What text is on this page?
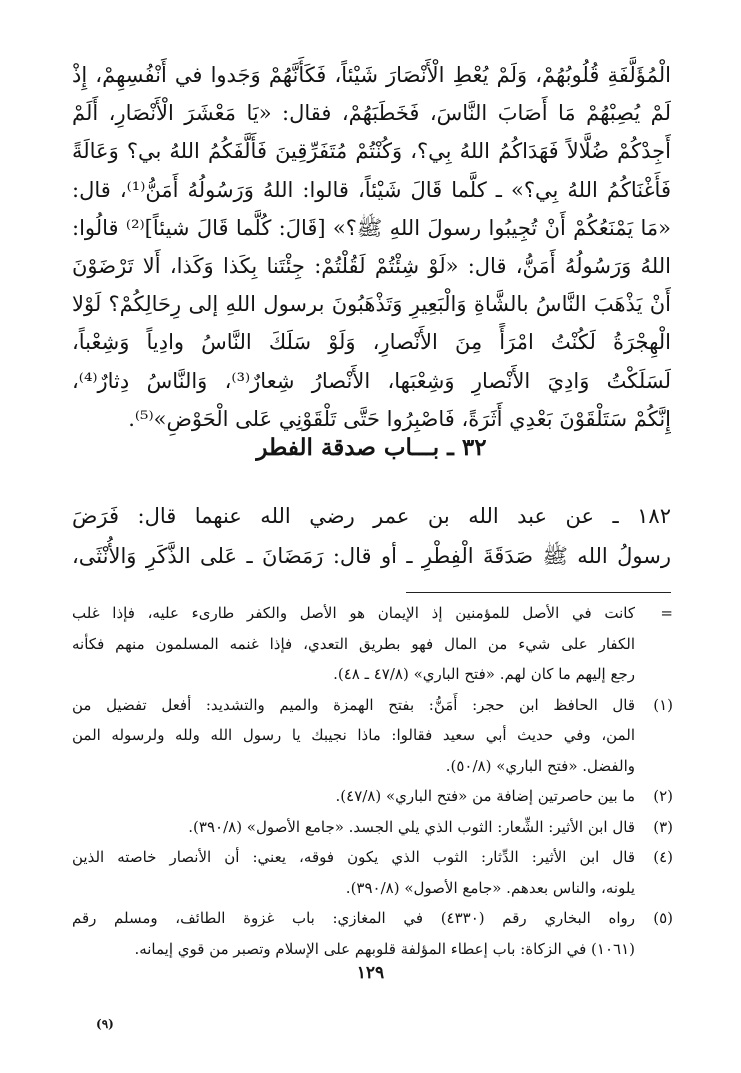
الْمُؤَلَّفَةِ قُلُوبُهُمْ، وَلَمْ يُعْطِ الْأَنْصَارَ شَيْئاً، فَكَأَنَّهُمْ وَجَدوا في أَنْفُسِهِمْ، إِذْ
لَمْ يُصِبْهُمْ مَا أَصَابَ النَّاسَ، فَخَطَبَهُمْ، فقال: «يَا مَعْشَرَ الْأَنْصَارِ، أَلَمْ
أَجِدْكُمْ ضُلَّالاً فَهَدَاكُمُ اللهُ بِي؟، وَكُنْتُمْ مُتَفَرِّقِينَ فَأَلَّفَكُمُ اللهُ بي؟ وَعَالَةً
فَأَغْنَاكُمُ اللهُ بِي؟» ـ كلَّما قَالَ شَيْئاً، قالوا: اللهُ وَرَسُولُهُ أَمَنُّ⁽¹⁾، قال:
«مَا يَمْنَعُكُمْ أَنْ تُجِيبُوا رسولَ اللهِ ﷺ؟» [قَالَ: كُلَّما قَالَ شيئاً]⁽²⁾ قالُوا:
اللهُ وَرَسُولُهُ أَمَنُّ، قال: «لَوْ شِئْتُمْ لَقُلْتُمْ: جِئْتَنا بِكَذا وَكَذا، أَلا تَرْضَوْنَ
أَنْ يَذْهَبَ النَّاسُ بالشَّاةِ وَالْبَعِيرِ وَتَذْهَبُونَ برسول اللهِ إلى رِحَالِكُمْ؟ لَوْلا
الْهِجْرَةُ لَكُنْتُ امْرَأً مِنَ الأَنْصارِ، وَلَوْ سَلَكَ النَّاسُ وادِياً وَشِعْباً،
لَسَلَكْتُ وَادِيَ الأَنْصارِ وَشِعْبَها، الأَنْصارُ شِعارٌ⁽³⁾، وَالنَّاسُ دِثارٌ⁽⁴⁾،
إِنَّكُمْ سَتَلْقَوْنَ بَعْدِي أَثَرَةً، فَاصْبِرُوا حَتَّى تَلْقَوْنِي عَلى الْحَوْضِ»⁽⁵⁾.
٣٢ ـ بـــاب صدقة الفطر
١٨٢ ـ عن عبد الله بن عمر رضي الله عنهما قال: فَرَضَ
رسولُ الله ﷺ صَدَقَةَ الْفِطْرِ ـ أو قال: رَمَضَانَ ـ عَلى الذَّكَرِ وَالأُنْثَى،
=
كانت في الأصل للمؤمنين إذ الإيمان هو الأصل والكفر طارىء عليه، فإذا غلب
الكفار على شيء من المال فهو بطريق التعدي، فإذا غنمه المسلمون منهم فكأنه
رجع إليهم ما كان لهم. «فتح الباري» (٤٧/٨ ـ ٤٨).
(١)
قال الحافظ ابن حجر: أَمَنُّ: بفتح الهمزة والميم والتشديد: أفعل تفضيل من
المن، وفي حديث أبي سعيد فقالوا: ماذا نجيبك يا رسول الله ولله ولرسوله المن
والفضل. «فتح الباري» (٥٠/٨).
(٢)
ما بين حاصرتين إضافة من «فتح الباري» (٤٧/٨).
(٣)
قال ابن الأثير: الشِّعار: الثوب الذي يلي الجسد. «جامع الأصول» (٣٩٠/٨).
(٤)
قال ابن الأثير: الدِّثار: الثوب الذي يكون فوقه، يعني: أن الأنصار خاصته الذين
يلونه، والناس بعدهم. «جامع الأصول» (٣٩٠/٨).
(٥)
رواه البخاري رقم (٤٣٣٠) في المغازي: باب غزوة الطائف، ومسلم رقم
(١٠٦١) في الزكاة: باب إعطاء المؤلفة قلوبهم على الإسلام وتصبر من قوي إيمانه.
١٢٩
(٩)
